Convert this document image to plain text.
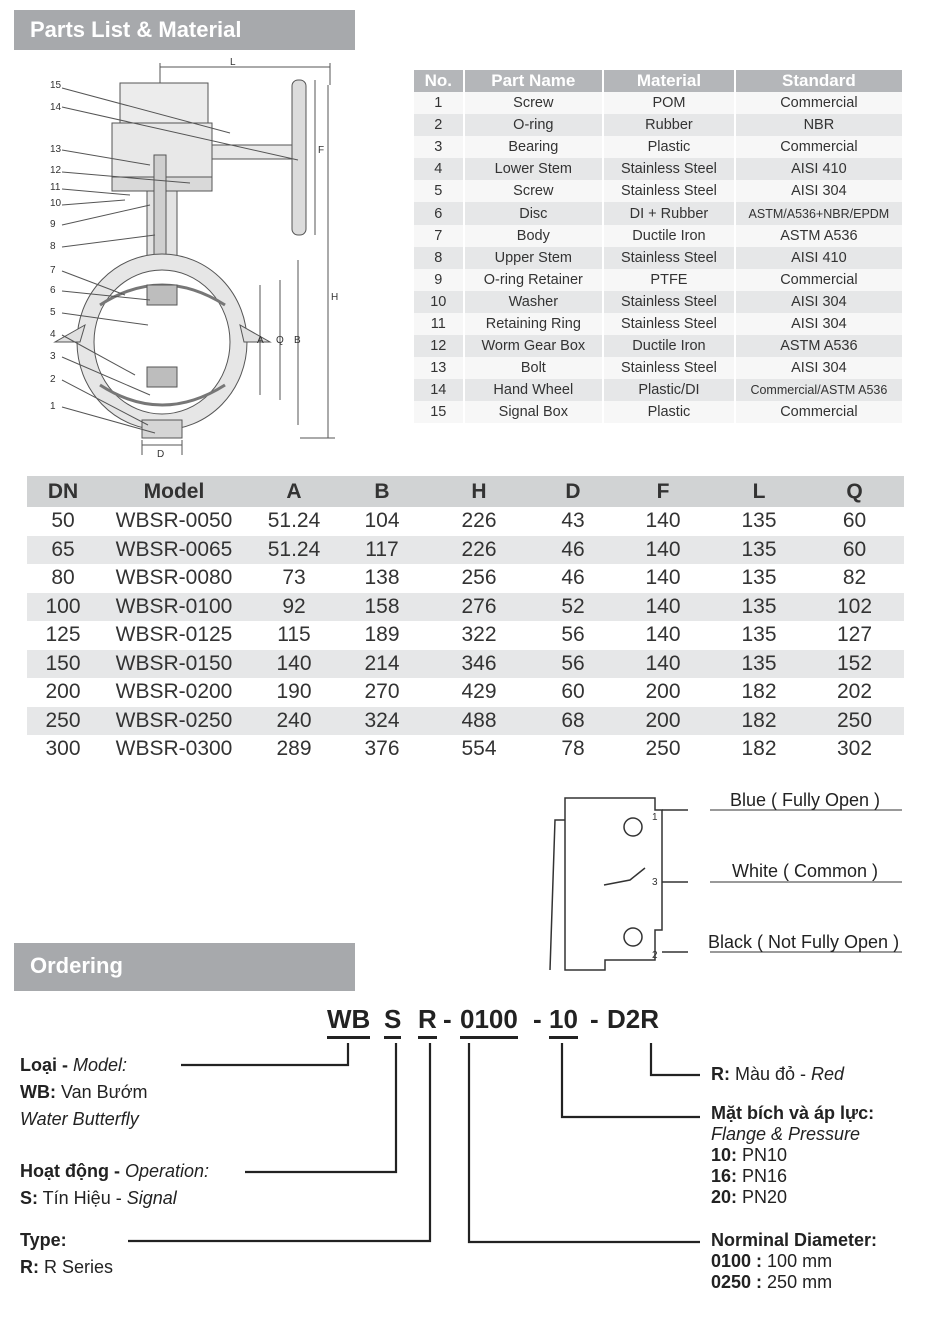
Parts List & Material
15
14
13
12
11
10
9
8
7
6
5
4
3
2
1
L
F
H
A Q B
D
No.	Part Name	Material	Standard
1	Screw	POM	Commercial
2	O-ring	Rubber	NBR
3	Bearing	Plastic	Commercial
4	Lower Stem	Stainless Steel	AISI 410
5	Screw	Stainless Steel	AISI 304
6	Disc	DI + Rubber	ASTM/A536+NBR/EPDM
7	Body	Ductile Iron	ASTM A536
8	Upper Stem	Stainless Steel	AISI 410
9	O-ring Retainer	PTFE	Commercial
10	Washer	Stainless Steel	AISI 304
11	Retaining Ring	Stainless Steel	AISI 304
12	Worm Gear Box	Ductile Iron	ASTM A536
13	Bolt	Stainless Steel	AISI 304
14	Hand Wheel	Plastic/DI	Commercial/ASTM A536
15	Signal Box	Plastic	Commercial
DN	Model	A	B	H	D	F	L	Q
50	WBSR-0050	51.24	104	226	43	140	135	60
65	WBSR-0065	51.24	117	226	46	140	135	60
80	WBSR-0080	73	138	256	46	140	135	82
100	WBSR-0100	92	158	276	52	140	135	102
125	WBSR-0125	115	189	322	56	140	135	127
150	WBSR-0150	140	214	346	56	140	135	152
200	WBSR-0200	190	270	429	60	200	182	202
250	WBSR-0250	240	324	488	68	200	182	250
300	WBSR-0300	289	376	554	78	250	182	302
1
3
2
Blue ( Fully Open )
White ( Common )
Black ( Not Fully Open )
Ordering
WB S R - 0100 - 10 - D2R
Loại - Model:
WB: Van Bướm
Water Butterfly
Hoạt động - Operation:
S: Tín Hiệu - Signal
Type:
R: R Series
R: Màu đỏ - Red
Mặt bích và áp lực:
Flange & Pressure
10: PN10
16: PN16
20: PN20
Norminal Diameter:
0100 : 100 mm
0250 : 250 mm
